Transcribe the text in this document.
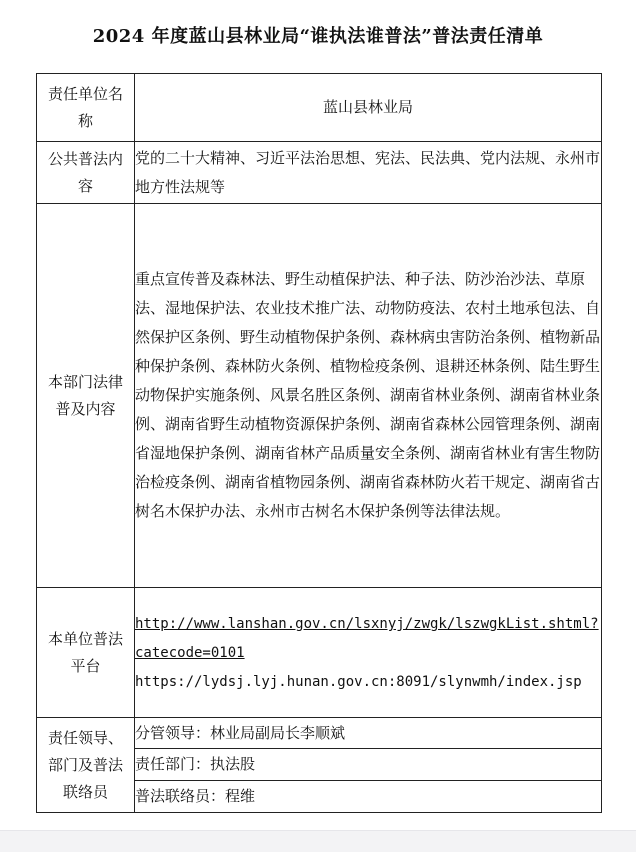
2024 年度蓝山县林业局“谁执法谁普法”普法责任清单
责任单位名称	蓝山县林业局

公共普法内容	党的二十大精神、习近平法治思想、宪法、民法典、党内法规、永州市地方性法规等

本部门法律普及内容	重点宣传普及森林法、野生动植保护法、种子法、防沙治沙法、草原法、湿地保护法、农业技术推广法、动物防疫法、农村土地承包法、自然保护区条例、野生动植物保护条例、森林病虫害防治条例、植物新品种保护条例、森林防火条例、植物检疫条例、退耕还林条例、陆生野生动物保护实施条例、风景名胜区条例、湖南省林业条例、湖南省林业条例、湖南省野生动植物资源保护条例、湖南省森林公园管理条例、湖南省湿地保护条例、湖南省林产品质量安全条例、湖南省林业有害生物防治检疫条例、湖南省植物园条例、湖南省森林防火若干规定、湖南省古树名木保护办法、永州市古树名木保护条例等法律法规。

本单位普法平台	http://www.lanshan.gov.cn/lsxnyj/zwgk/lszwgkList.shtml?catecode=0101
https://lydsj.lyj.hunan.gov.cn:8091/slynwmh/index.jsp

责任领导、部门及普法联络员	分管领导：林业局副局长李顺斌
	责任部门：执法股
	普法联络员：程维
